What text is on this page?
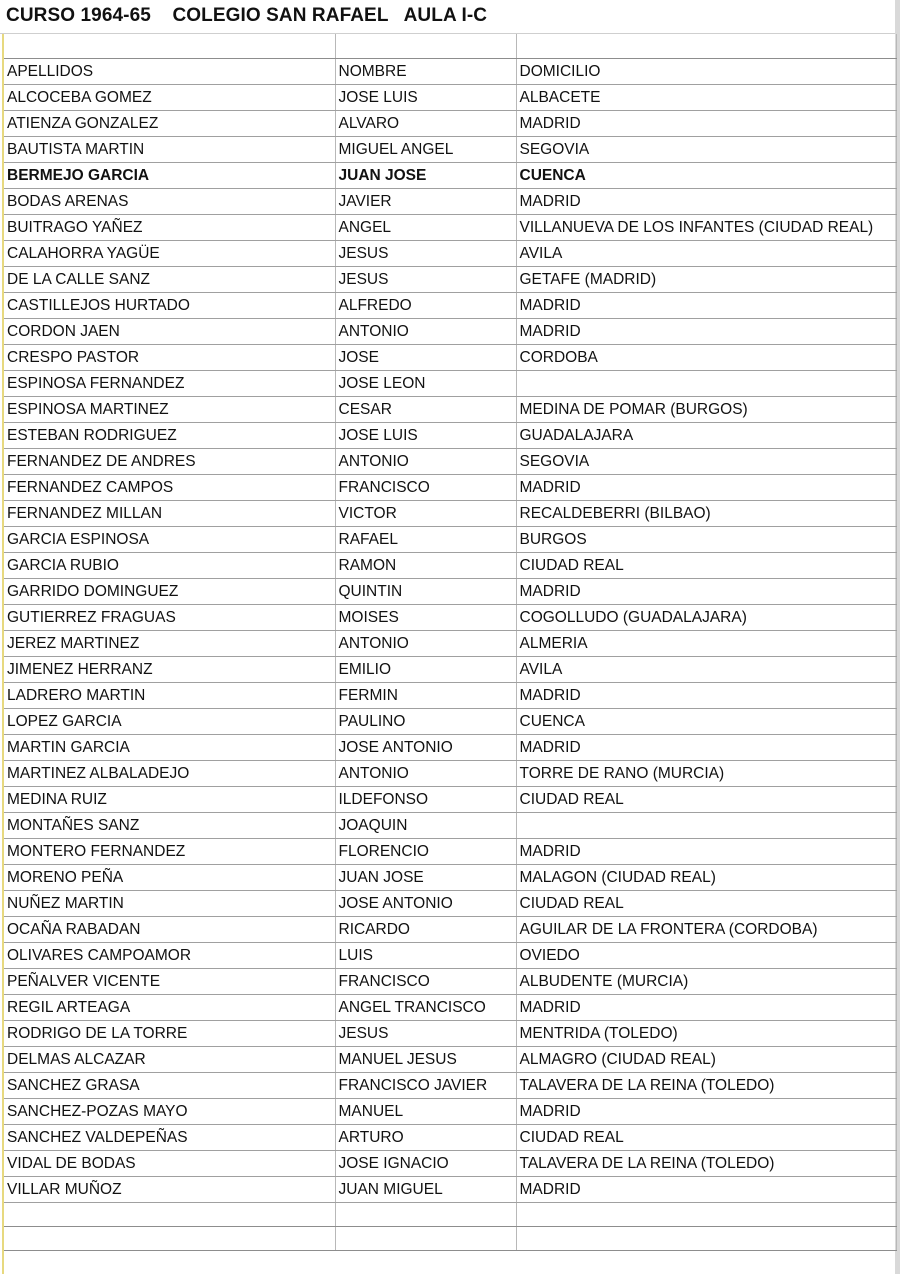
CURSO 1964-65    COLEGIO SAN RAFAEL   AULA I-C

APELLIDOS	NOMBRE	DOMICILIO
ALCOCEBA GOMEZ	JOSE LUIS	ALBACETE
ATIENZA GONZALEZ	ALVARO	MADRID
BAUTISTA MARTIN	MIGUEL ANGEL	SEGOVIA
BERMEJO GARCIA	JUAN JOSE	CUENCA
BODAS ARENAS	JAVIER	MADRID
BUITRAGO YAÑEZ	ANGEL	VILLANUEVA DE LOS INFANTES (CIUDAD REAL)
CALAHORRA YAGÜE	JESUS	AVILA
DE LA CALLE SANZ	JESUS	GETAFE (MADRID)
CASTILLEJOS HURTADO	ALFREDO	MADRID
CORDON JAEN	ANTONIO	MADRID
CRESPO PASTOR	JOSE	CORDOBA
ESPINOSA FERNANDEZ	JOSE LEON	
ESPINOSA MARTINEZ	CESAR	MEDINA DE POMAR (BURGOS)
ESTEBAN RODRIGUEZ	JOSE LUIS	GUADALAJARA
FERNANDEZ DE ANDRES	ANTONIO	SEGOVIA
FERNANDEZ CAMPOS	FRANCISCO	MADRID
FERNANDEZ MILLAN	VICTOR	RECALDEBERRI (BILBAO)
GARCIA ESPINOSA	RAFAEL	BURGOS
GARCIA RUBIO	RAMON	CIUDAD REAL
GARRIDO DOMINGUEZ	QUINTIN	MADRID
GUTIERREZ FRAGUAS	MOISES	COGOLLUDO (GUADALAJARA)
JEREZ MARTINEZ	ANTONIO	ALMERIA
JIMENEZ HERRANZ	EMILIO	AVILA
LADRERO MARTIN	FERMIN	MADRID
LOPEZ GARCIA	PAULINO	CUENCA
MARTIN GARCIA	JOSE ANTONIO	MADRID
MARTINEZ ALBALADEJO	ANTONIO	TORRE DE RANO (MURCIA)
MEDINA RUIZ	ILDEFONSO	CIUDAD REAL
MONTAÑES SANZ	JOAQUIN	
MONTERO FERNANDEZ	FLORENCIO	MADRID
MORENO PEÑA	JUAN JOSE	MALAGON (CIUDAD REAL)
NUÑEZ MARTIN	JOSE ANTONIO	CIUDAD REAL
OCAÑA RABADAN	RICARDO	AGUILAR DE LA FRONTERA (CORDOBA)
OLIVARES CAMPOAMOR	LUIS	OVIEDO
PEÑALVER VICENTE	FRANCISCO	ALBUDENTE (MURCIA)
REGIL ARTEAGA	ANGEL TRANCISCO	MADRID
RODRIGO DE LA TORRE	JESUS	MENTRIDA (TOLEDO)
DELMAS ALCAZAR	MANUEL JESUS	ALMAGRO (CIUDAD REAL)
SANCHEZ GRASA	FRANCISCO JAVIER	TALAVERA DE LA REINA (TOLEDO)
SANCHEZ-POZAS MAYO	MANUEL	MADRID
SANCHEZ VALDEPEÑAS	ARTURO	CIUDAD REAL
VIDAL DE BODAS	JOSE IGNACIO	TALAVERA DE LA REINA (TOLEDO)
VILLAR MUÑOZ	JUAN MIGUEL	MADRID
